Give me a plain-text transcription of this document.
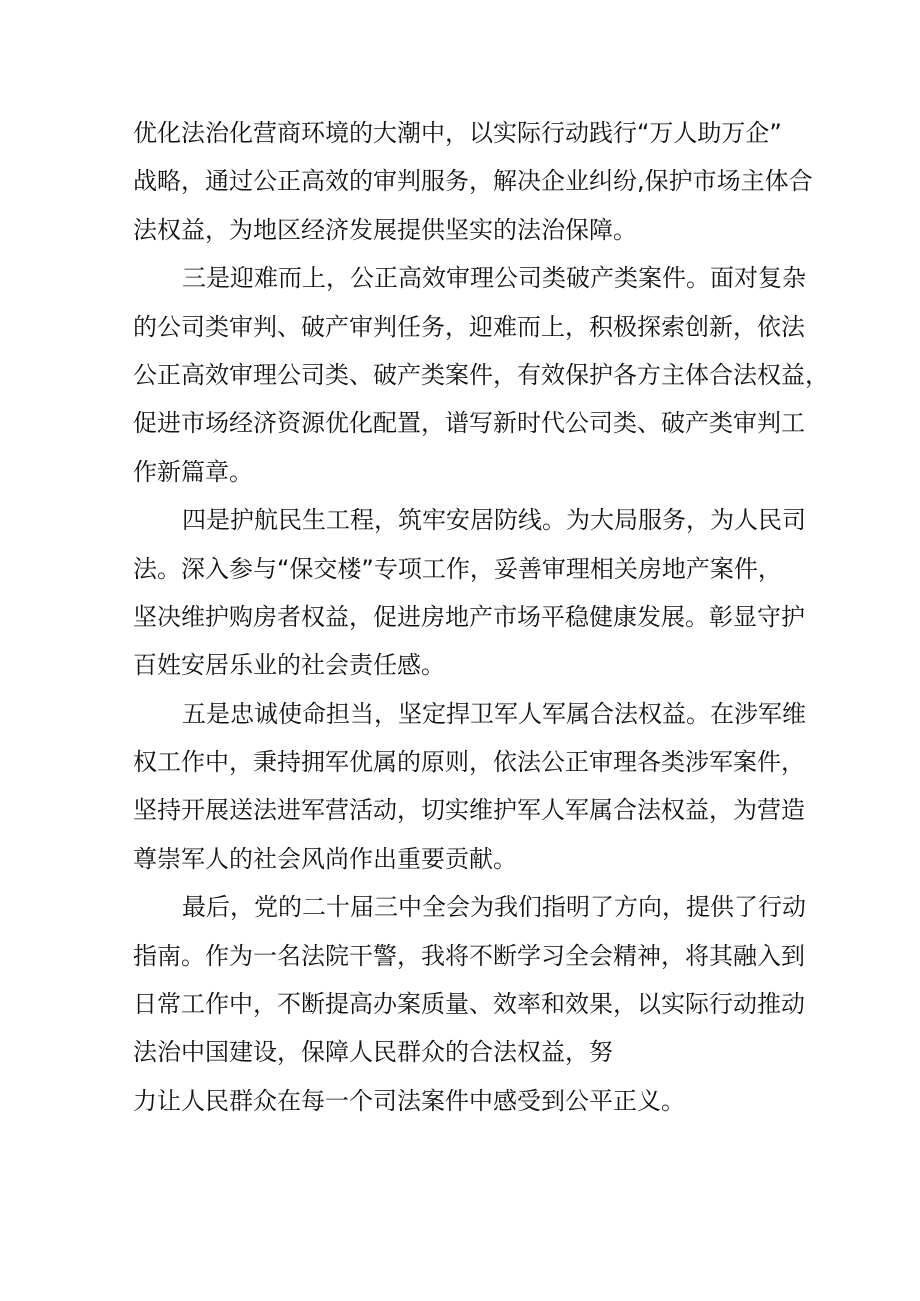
优化法治化营商环境的大潮中，以实际行动践行“万人助万企”
战略，通过公正高效的审判服务，解决企业纠纷,保护市场主体合
法权益，为地区经济发展提供坚实的法治保障。
三是迎难而上，公正高效审理公司类破产类案件。面对复杂
的公司类审判、破产审判任务，迎难而上，积极探索创新，依法
公正高效审理公司类、破产类案件，有效保护各方主体合法权益，
促进市场经济资源优化配置，谱写新时代公司类、破产类审判工
作新篇章。
四是护航民生工程，筑牢安居防线。为大局服务，为人民司
法。深入参与“保交楼”专项工作，妥善审理相关房地产案件，
坚决维护购房者权益，促进房地产市场平稳健康发展。彰显守护
百姓安居乐业的社会责任感。
五是忠诚使命担当，坚定捍卫军人军属合法权益。在涉军维
权工作中，秉持拥军优属的原则，依法公正审理各类涉军案件，
坚持开展送法进军营活动，切实维护军人军属合法权益，为营造
尊崇军人的社会风尚作出重要贡献。
最后，党的二十届三中全会为我们指明了方向，提供了行动
指南。作为一名法院干警，我将不断学习全会精神，将其融入到
日常工作中，不断提高办案质量、效率和效果，以实际行动推动
法治中国建设，保障人民群众的合法权益，努
力让人民群众在每一个司法案件中感受到公平正义。
